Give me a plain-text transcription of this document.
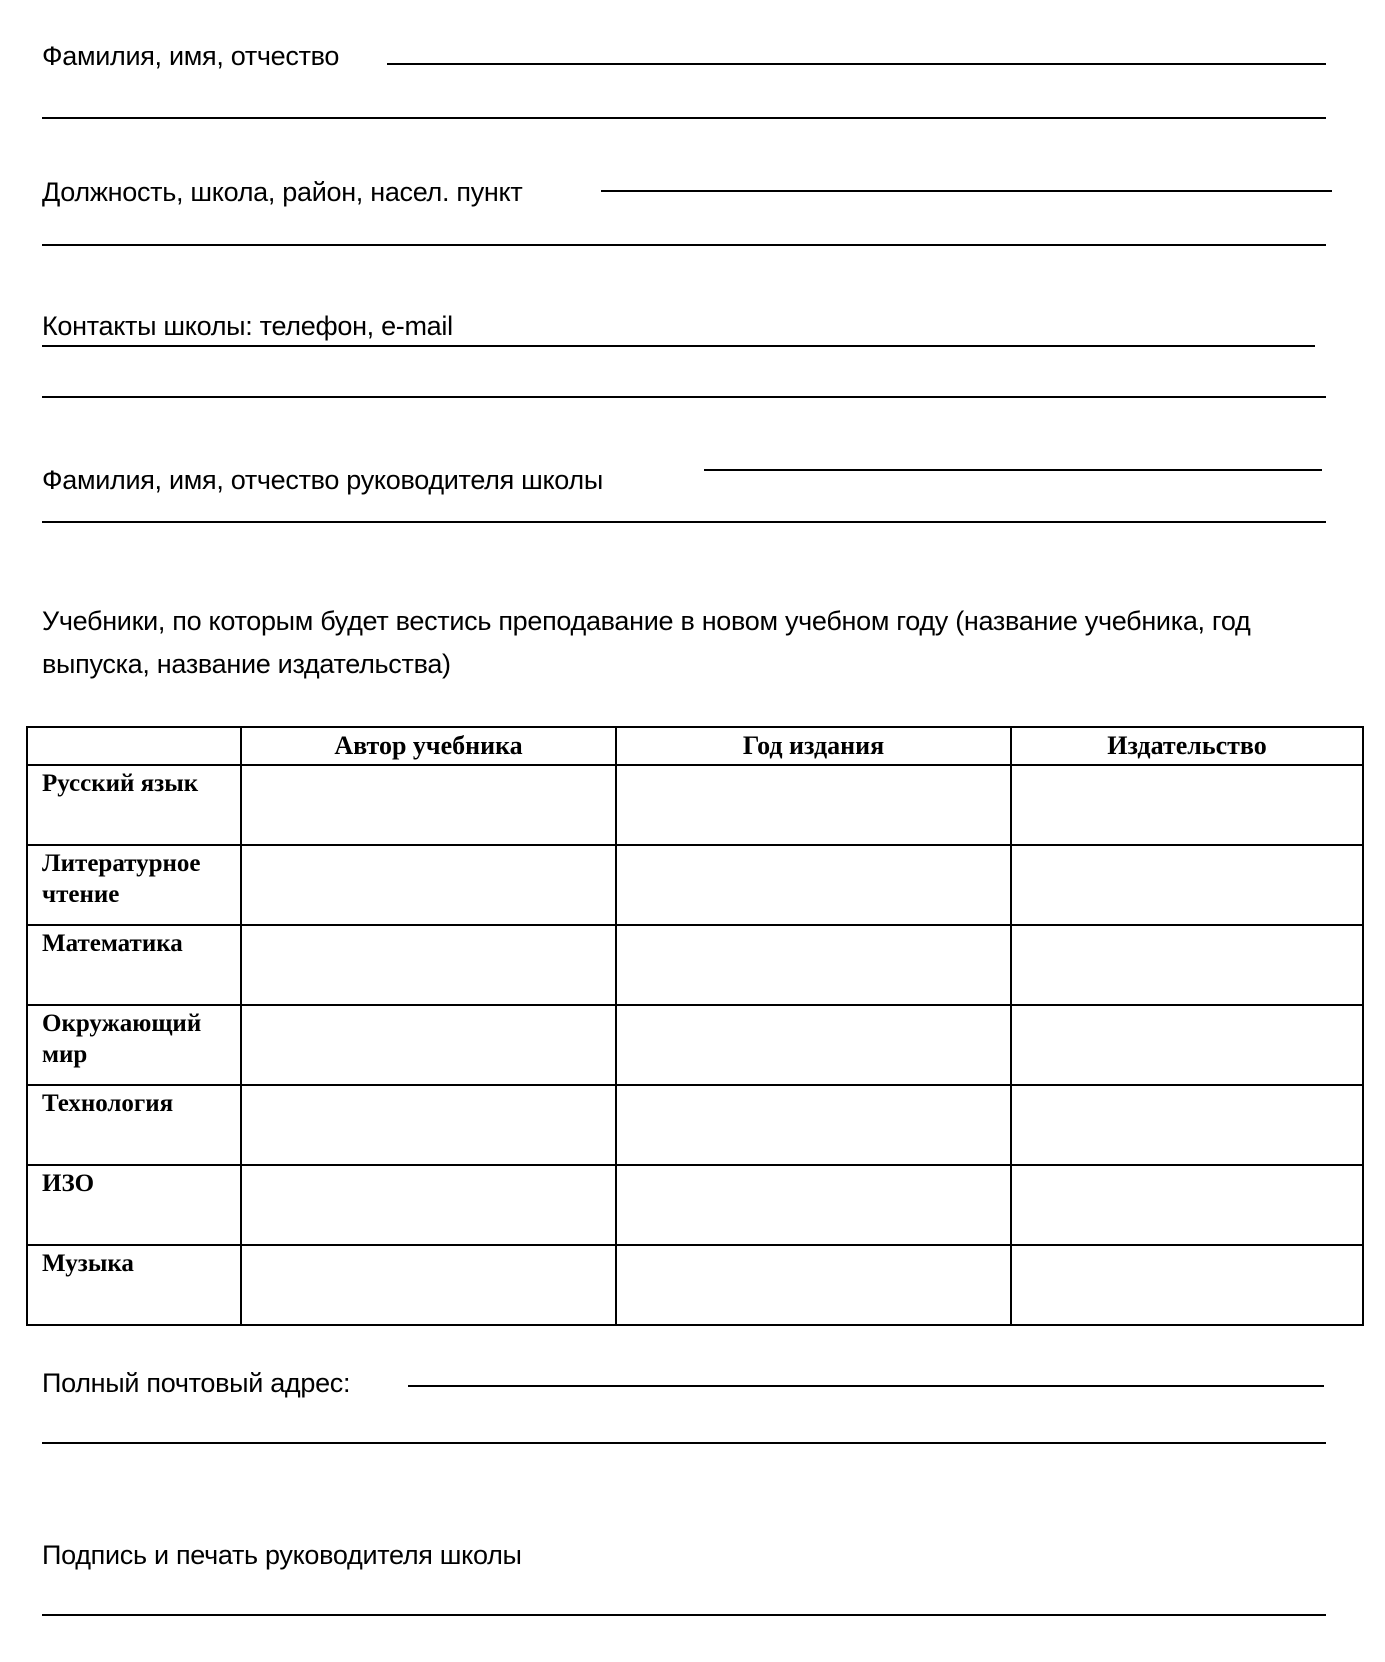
Фамилия, имя, отчество
Должность, школа, район, насел. пункт
Контакты школы: телефон, e-mail
Фамилия, имя, отчество руководителя школы
Учебники, по которым будет вестись преподавание в новом учебном году (название учебника, год выпуска, название издательства)
	Автор учебника	Год издания	Издательство
Русский язык			
Литературное чтение			
Математика			
Окружающий мир			
Технология			
ИЗО			
Музыка			
Полный почтовый адрес:
Подпись и печать руководителя школы
